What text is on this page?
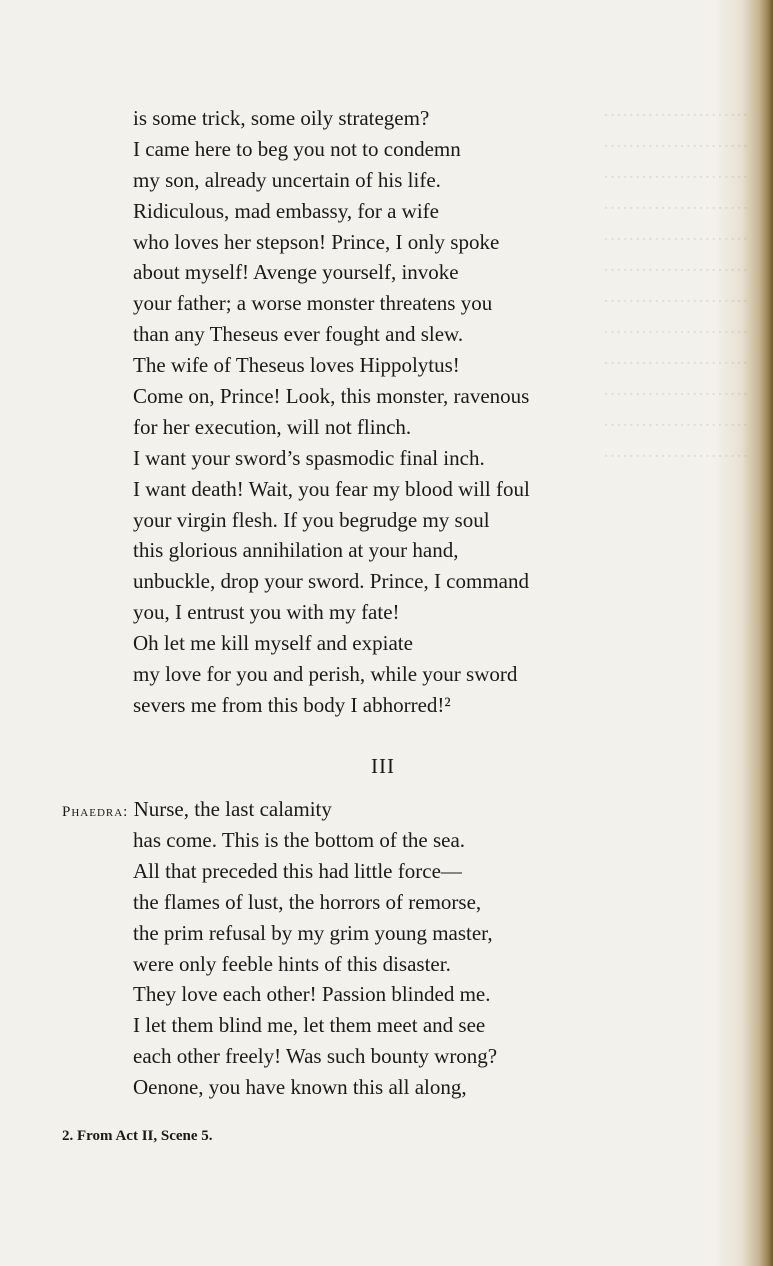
·······················
·······················
·······················
·······················
·······················
·······················
·······················
·······················
·······················
·······················
·······················
·······················
is some trick, some oily strategem?
I came here to beg you not to condemn
my son, already uncertain of his life.
Ridiculous, mad embassy, for a wife
who loves her stepson! Prince, I only spoke
about myself! Avenge yourself, invoke
your father; a worse monster threatens you
than any Theseus ever fought and slew.
The wife of Theseus loves Hippolytus!
Come on, Prince! Look, this monster, ravenous
for her execution, will not flinch.
I want your sword’s spasmodic final inch.
I want death! Wait, you fear my blood will foul
your virgin flesh. If you begrudge my soul
this glorious annihilation at your hand,
unbuckle, drop your sword. Prince, I command
you, I entrust you with my fate!
Oh let me kill myself and expiate
my love for you and perish, while your sword
severs me from this body I abhorred!²
III
Phaedra: Nurse, the last calamity
has come. This is the bottom of the sea.
All that preceded this had little force—
the flames of lust, the horrors of remorse,
the prim refusal by my grim young master,
were only feeble hints of this disaster.
They love each other! Passion blinded me.
I let them blind me, let them meet and see
each other freely! Was such bounty wrong?
Oenone, you have known this all along,
2. From Act II, Scene 5.
